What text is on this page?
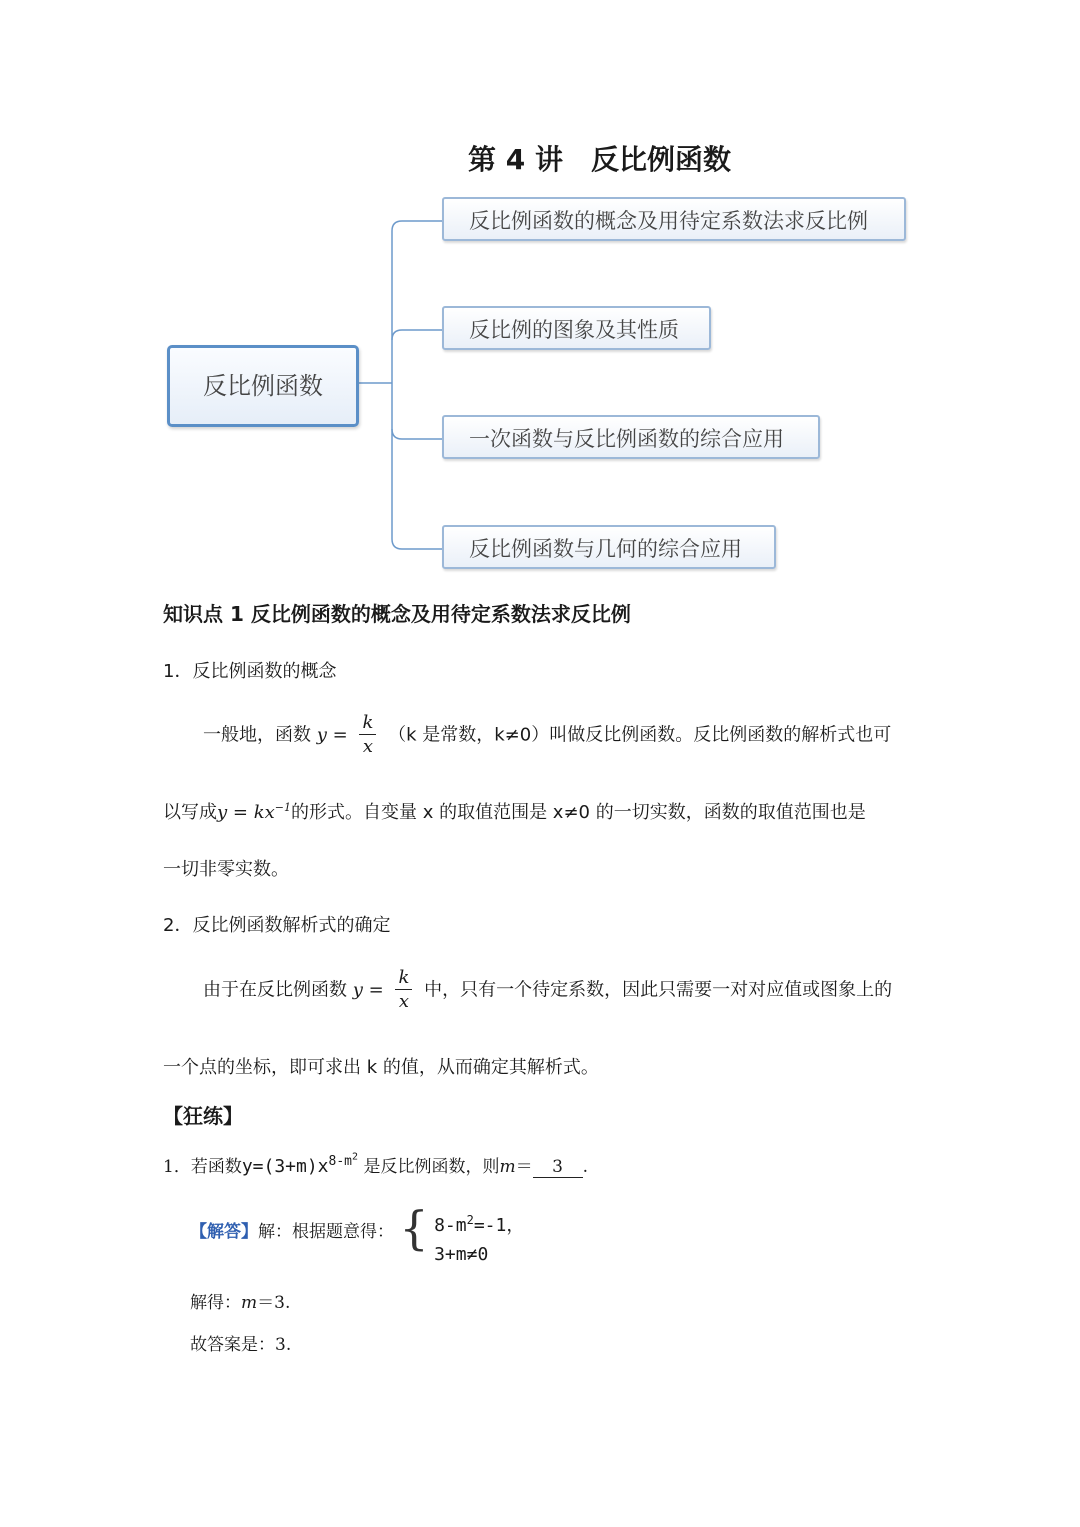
第 4 讲 反比例函数
反比例函数
反比例函数的概念及用待定系数法求反比例
反比例的图象及其性质
一次函数与反比例函数的综合应用
反比例函数与几何的综合应用
知识点 1 反比例函数的概念及用待定系数法求反比例
1．反比例函数的概念
一般地，函数 $y = \frac{k}{x} (k$ 是常数，k≠0）叫做反比例函数。反比例函数的解析式也可
以写成$y = kx^{-1}$的形式。自变量 x 的取值范围是 x≠0 的一切实数，函数的取值范围也是
一切非零实数。
2．反比例函数解析式的确定
由于在反比例函数 $y = \frac{k}{x}$ 中，只有一个待定系数，因此只需要一对对应值或图象上的
一个点的坐标，即可求出 k 的值，从而确定其解析式。
【狂练】
1．若函数$y=(3+m)x^{8-m^2}$ 是反比例函数，则m＝ 3 .
【解答】解：根据题意得： { $8-m^2=-1$，
3+m≠0
解得：m＝3.
故答案是：3.
